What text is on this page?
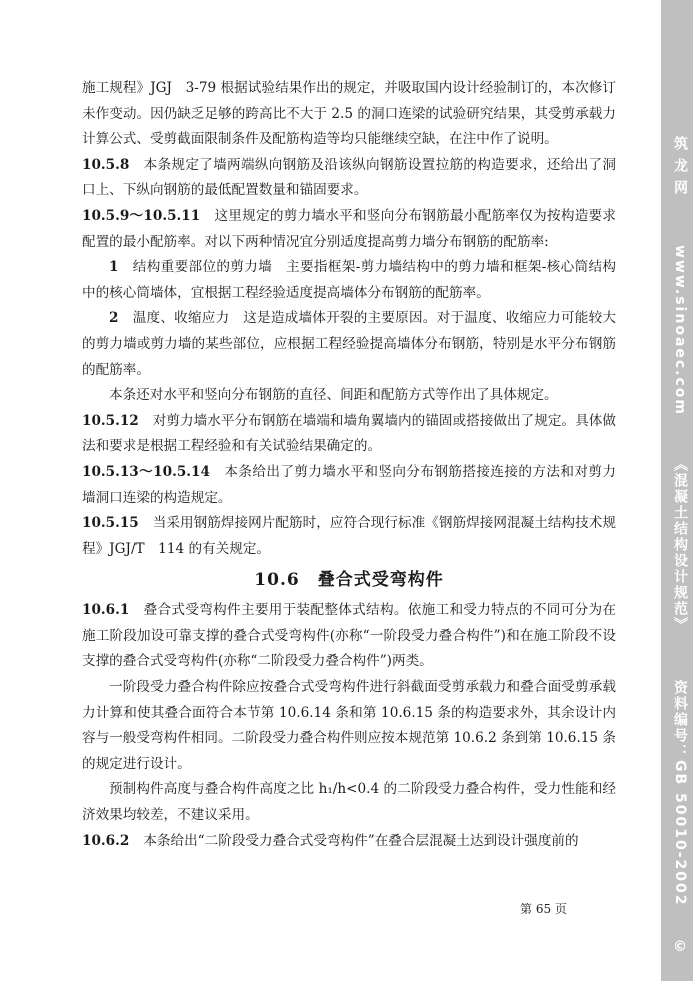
施工规程》JGJ　3-79 根据试验结果作出的规定，并吸取国内设计经验制订的，本次修订未作变动。因仍缺乏足够的跨高比不大于 2.5 的洞口连梁的试验研究结果，其受剪承载力计算公式、受剪截面限制条件及配筋构造等均只能继续空缺，在注中作了说明。

10.5.8 本条规定了墙两端纵向钢筋及沿该纵向钢筋设置拉筋的构造要求，还给出了洞口上、下纵向钢筋的最低配置数量和锚固要求。

10.5.9～10.5.11 这里规定的剪力墙水平和竖向分布钢筋最小配筋率仅为按构造要求配置的最小配筋率。对以下两种情况宜分别适度提高剪力墙分布钢筋的配筋率:

1 结构重要部位的剪力墙　主要指框架-剪力墙结构中的剪力墙和框架-核心筒结构中的核心筒墙体，宜根据工程经验适度提高墙体分布钢筋的配筋率。

2 温度、收缩应力　这是造成墙体开裂的主要原因。对于温度、收缩应力可能较大的剪力墙或剪力墙的某些部位，应根据工程经验提高墙体分布钢筋，特别是水平分布钢筋的配筋率。

本条还对水平和竖向分布钢筋的直径、间距和配筋方式等作出了具体规定。

10.5.12 对剪力墙水平分布钢筋在墙端和墙角翼墙内的锚固或搭接做出了规定。具体做法和要求是根据工程经验和有关试验结果确定的。

10.5.13～10.5.14 本条给出了剪力墙水平和竖向分布钢筋搭接连接的方法和对剪力墙洞口连梁的构造规定。

10.5.15 当采用钢筋焊接网片配筋时，应符合现行标准《钢筋焊接网混凝土结构技术规程》JGJ/T　114 的有关规定。

10.6 叠合式受弯构件

10.6.1 叠合式受弯构件主要用于装配整体式结构。依施工和受力特点的不同可分为在施工阶段加设可靠支撑的叠合式受弯构件(亦称“一阶段受力叠合构件”)和在施工阶段不设支撑的叠合式受弯构件(亦称“二阶段受力叠合构件”)两类。

一阶段受力叠合构件除应按叠合式受弯构件进行斜截面受剪承载力和叠合面受剪承载力计算和使其叠合面符合本节第 10.6.14 条和第 10.6.15 条的构造要求外，其余设计内容与一般受弯构件相同。二阶段受力叠合构件则应按本规范第 10.6.2 条到第 10.6.15 条的规定进行设计。

预制构件高度与叠合构件高度之比 h₁/h<0.4 的二阶段受力叠合构件，受力性能和经济效果均较差，不建议采用。

10.6.2 本条给出“二阶段受力叠合式受弯构件”在叠合层混凝土达到设计强度前的

第 65 页
筑龙网 www.sinoaec.com 《混凝土结构设计规范》 资料编号：GB 50010-2002 ©
